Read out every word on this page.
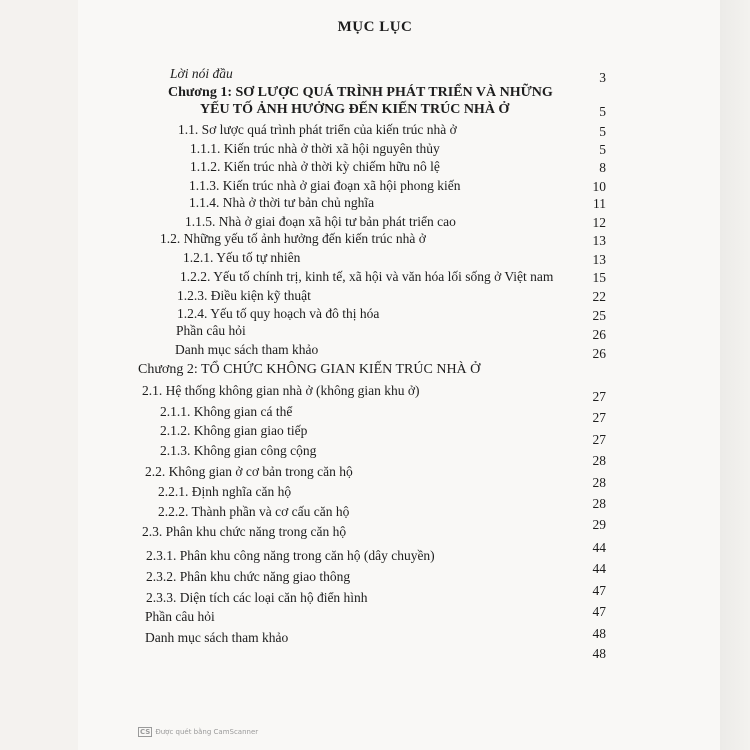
MỤC LỤC
Lời nói đầu
Chương 1: SƠ LƯỢC QUÁ TRÌNH PHÁT TRIỂN VÀ NHỮNG
YẾU TỐ ẢNH HƯỞNG ĐẾN KIẾN TRÚC NHÀ Ở
1.1. Sơ lược quá trình phát triển của kiến trúc nhà ở
1.1.1. Kiến trúc nhà ở thời xã hội nguyên thủy
1.1.2. Kiến trúc nhà ở thời kỳ chiếm hữu nô lệ
1.1.3. Kiến trúc nhà ở giai đoạn xã hội phong kiến
1.1.4. Nhà ở thời tư bản chủ nghĩa
1.1.5. Nhà ở giai đoạn xã hội tư bản phát triển cao
1.2. Những yếu tố ảnh hưởng đến kiến trúc nhà ở
1.2.1. Yếu tố tự nhiên
1.2.2. Yếu tố chính trị, kinh tế, xã hội và văn hóa lối sống ở Việt nam
1.2.3. Điều kiện kỹ thuật
1.2.4. Yếu tố quy hoạch và đô thị hóa
Phần câu hỏi
Danh mục sách tham khảo
Chương 2: TỔ CHỨC KHÔNG GIAN KIẾN TRÚC NHÀ Ở
2.1. Hệ thống không gian nhà ở (không gian khu ở)
2.1.1. Không gian cá thể
2.1.2. Không gian giao tiếp
2.1.3. Không gian công cộng
2.2. Không gian ở cơ bản trong căn hộ
2.2.1. Định nghĩa căn hộ
2.2.2. Thành phần và cơ cấu căn hộ
2.3. Phân khu chức năng trong căn hộ
2.3.1. Phân khu công năng trong căn hộ (dây chuyền)
2.3.2. Phân khu chức năng giao thông
2.3.3. Diện tích các loại căn hộ điển hình
Phần câu hỏi
Danh mục sách tham khảo
3
5
5
5
8
10
11
12
13
13
15
22
25
26
26
27
27
27
28
28
28
29
44
44
47
47
48
48
CS Được quét bằng CamScanner
